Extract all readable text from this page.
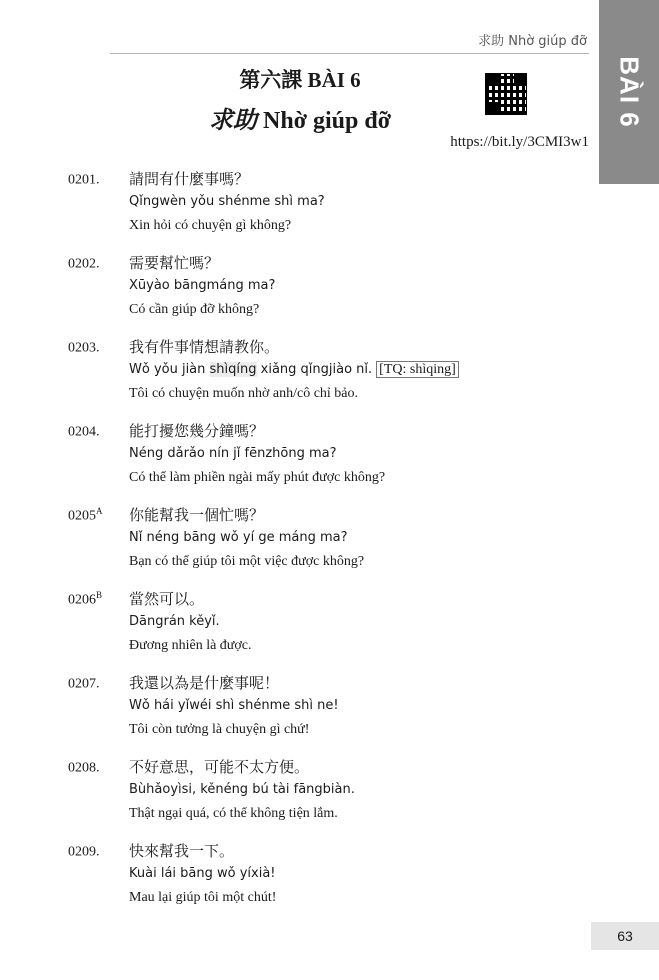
求助 Nhờ giúp đỡ
BÀI 6
第六課 BÀI 6
求助 Nhờ giúp đỡ
https://bit.ly/3CMI3w1
0201. 請問有什麼事嗎？
Qǐngwèn yǒu shénme shì ma?
Xin hỏi có chuyện gì không?
0202. 需要幫忙嗎？
Xūyào bāngmáng ma?
Có cần giúp đỡ không?
0203. 我有件事情想請教你。
Wǒ yǒu jiàn shìqíng xiǎng qǐngjiào nǐ. [TQ: shìqing]
Tôi có chuyện muốn nhờ anh/cô chỉ bảo.
0204. 能打擾您幾分鐘嗎？
Néng dǎrǎo nín jǐ fēnzhōng ma?
Có thể làm phiền ngài mấy phút được không?
$0205^A$ 你能幫我一個忙嗎？
Nǐ néng bāng wǒ yí ge máng ma?
Bạn có thể giúp tôi một việc được không?
$0206^B$ 當然可以。
Dāngrán kěyǐ.
Đương nhiên là được.
0207. 我還以為是什麼事呢！
Wǒ hái yǐwéi shì shénme shì ne!
Tôi còn tưởng là chuyện gì chứ!
0208. 不好意思，可能不太方便。
Bùhǎoyìsi, kěnéng bú tài fāngbiàn.
Thật ngại quá, có thể không tiện lắm.
0209. 快來幫我一下。
Kuài lái bāng wǒ yíxià!
Mau lại giúp tôi một chút!
63
